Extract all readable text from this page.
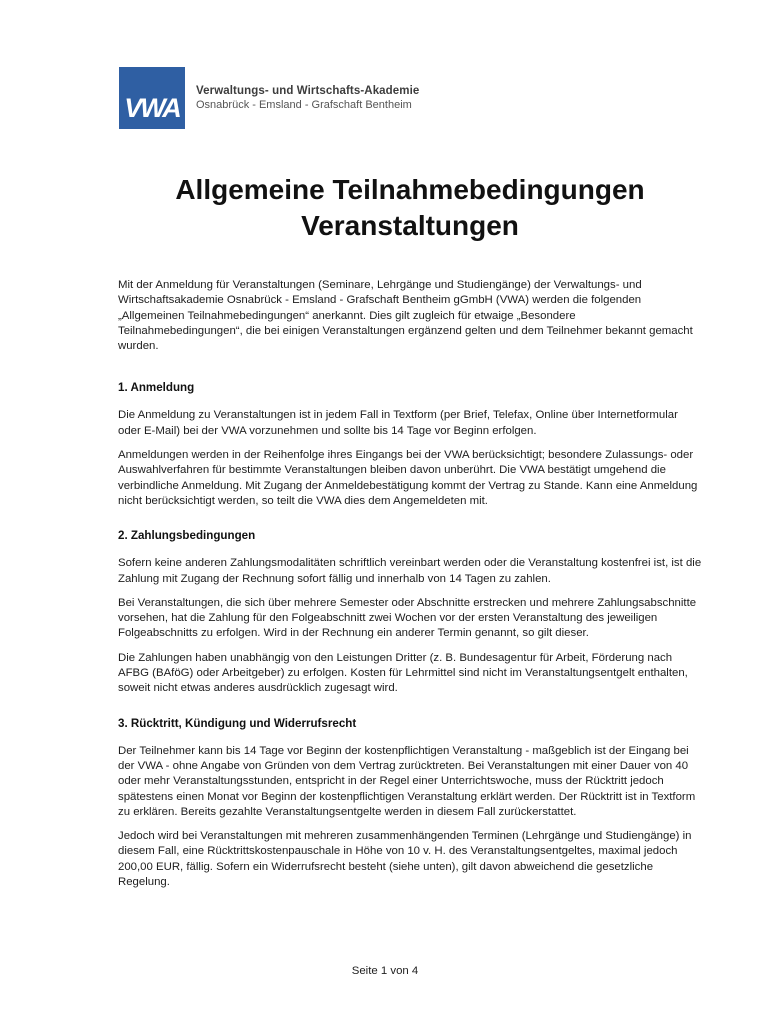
VWA
Verwaltungs- und Wirtschafts-Akademie
Osnabrück - Emsland - Grafschaft Bentheim
Allgemeine Teilnahmebedingungen
Veranstaltungen

Mit der Anmeldung für Veranstaltungen (Seminare, Lehrgänge und Studiengänge) der Verwaltungs- und Wirtschaftsakademie Osnabrück - Emsland - Grafschaft Bentheim gGmbH (VWA) werden die folgenden „Allgemeinen Teilnahmebedingungen“ anerkannt. Dies gilt zugleich für etwaige „Besondere Teilnahmebedingungen“, die bei einigen Veranstaltungen ergänzend gelten und dem Teilnehmer bekannt gemacht wurden.

1. Anmeldung

Die Anmeldung zu Veranstaltungen ist in jedem Fall in Textform (per Brief, Telefax, Online über Internetformular oder E-Mail) bei der VWA vorzunehmen und sollte bis 14 Tage vor Beginn erfolgen.

Anmeldungen werden in der Reihenfolge ihres Eingangs bei der VWA berücksichtigt; besondere Zulassungs- oder Auswahlverfahren für bestimmte Veranstaltungen bleiben davon unberührt. Die VWA bestätigt umgehend die verbindliche Anmeldung. Mit Zugang der Anmeldebestätigung kommt der Vertrag zu Stande. Kann eine Anmeldung nicht berücksichtigt werden, so teilt die VWA dies dem Angemeldeten mit.

2. Zahlungsbedingungen

Sofern keine anderen Zahlungsmodalitäten schriftlich vereinbart werden oder die Veranstaltung kostenfrei ist, ist die Zahlung mit Zugang der Rechnung sofort fällig und innerhalb von 14 Tagen zu zahlen.

Bei Veranstaltungen, die sich über mehrere Semester oder Abschnitte erstrecken und mehrere Zahlungsabschnitte vorsehen, hat die Zahlung für den Folgeabschnitt zwei Wochen vor der ersten Veranstaltung des jeweiligen Folgeabschnitts zu erfolgen. Wird in der Rechnung ein anderer Termin genannt, so gilt dieser.

Die Zahlungen haben unabhängig von den Leistungen Dritter (z. B. Bundesagentur für Arbeit, Förderung nach AFBG (BAföG) oder Arbeitgeber) zu erfolgen. Kosten für Lehrmittel sind nicht im Veranstaltungsentgelt enthalten, soweit nicht etwas anderes ausdrücklich zugesagt wird.

3. Rücktritt, Kündigung und Widerrufsrecht

Der Teilnehmer kann bis 14 Tage vor Beginn der kostenpflichtigen Veranstaltung - maßgeblich ist der Eingang bei der VWA - ohne Angabe von Gründen von dem Vertrag zurücktreten. Bei Veranstaltungen mit einer Dauer von 40 oder mehr Veranstaltungsstunden, entspricht in der Regel einer Unterrichtswoche, muss der Rücktritt jedoch spätestens einen Monat vor Beginn der kostenpflichtigen Veranstaltung erklärt werden. Der Rücktritt ist in Textform zu erklären. Bereits gezahlte Veranstaltungsentgelte werden in diesem Fall zurückerstattet.

Jedoch wird bei Veranstaltungen mit mehreren zusammenhängenden Terminen (Lehrgänge und Studiengänge) in diesem Fall, eine Rücktrittskostenpauschale in Höhe von 10 v. H. des Veranstaltungsentgeltes, maximal jedoch 200,00 EUR, fällig. Sofern ein Widerrufsrecht besteht (siehe unten), gilt davon abweichend die gesetzliche Regelung.

Seite 1 von 4
